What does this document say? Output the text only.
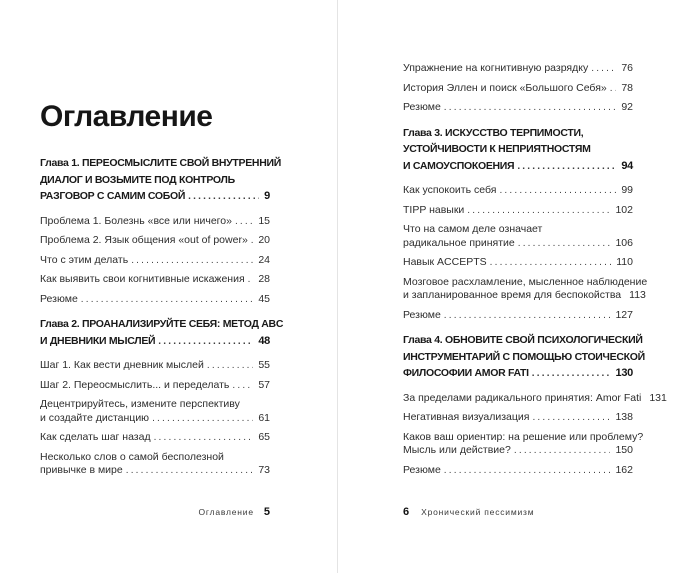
Оглавление
Глава 1. ПЕРЕОСМЫСЛИТЕ СВОЙ ВНУТРЕННИЙ
ДИАЛОГ И ВОЗЬМИТЕ ПОД КОНТРОЛЬ
РАЗГОВОР С САМИМ СОБОЙ .....	9
Проблема 1. Болезнь «все или ничего» .....	15
Проблема 2. Язык общения «out of power» ..... 20
Что с этим делать .....	24
Как выявить свои когнитивные искажения ..... 28
Резюме .....	45
Глава 2. ПРОАНАЛИЗИРУЙТЕ СЕБЯ: МЕТОД ABC
И ДНЕВНИКИ МЫСЛЕЙ .....	48
Шаг 1. Как вести дневник мыслей .....	55
Шаг 2. Переосмыслить... и переделать .....	57
Децентрируйтесь, измените перспективу
и создайте дистанцию .....	61
Как сделать шаг назад .....	65
Несколько слов о самой бесполезной
привычке в мире .....	73
Оглавление 5
Упражнение на когнитивную разрядку .....	76
История Эллен и поиск «Большого Себя» ..... 78
Резюме .....	92
Глава 3. ИСКУССТВО ТЕРПИМОСТИ,
УСТОЙЧИВОСТИ К НЕПРИЯТНОСТЯМ
И САМОУСПОКОЕНИЯ .....	94
Как успокоить себя .....	99
TIPP навыки .....	102
Что на самом деле означает
радикальное принятие .....	106
Навык ACCEPTS .....	110
Мозговое расхламление, мысленное наблюдение
и запланированное время для беспокойства 113
Резюме .....	127
Глава 4. ОБНОВИТЕ СВОЙ ПСИХОЛОГИЧЕСКИЙ
ИНСТРУМЕНТАРИЙ С ПОМОЩЬЮ СТОИЧЕСКОЙ
ФИЛОСОФИИ AMOR FATI .....	130
За пределами радикального принятия: Amor Fati 131
Негативная визуализация .....	138
Каков ваш ориентир: на решение или проблему?
Мысль или действие? .....	150
Резюме .....	162
6 Хронический пессимизм
